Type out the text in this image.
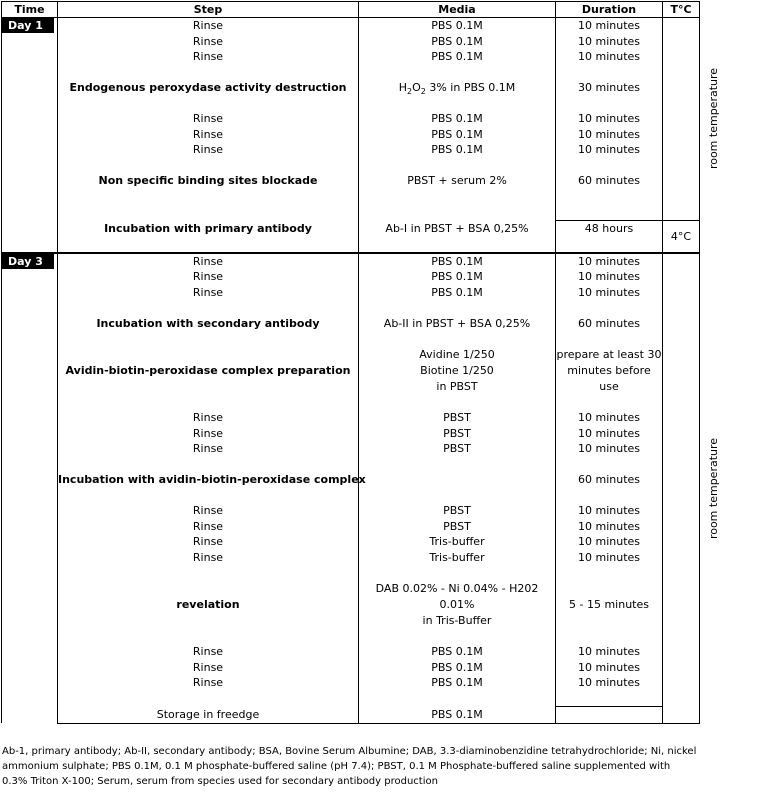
Time	Step	Media	Duration	T°C	

Day 1	Rinse	PBS 0.1M	10 minutes	room temperature	
	Rinse	PBS 0.1M	10 minutes		
	Rinse	PBS 0.1M	10 minutes		

	Endogenous peroxydase activity destruction	$H_2O_2$ 3% in PBS 0.1M	30 minutes		

	Rinse	PBS 0.1M	10 minutes		
	Rinse	PBS 0.1M	10 minutes		
	Rinse	PBS 0.1M	10 minutes		

	Non specific binding sites blockade	PBST + serum 2%	60 minutes		

	Incubation with primary antibody	Ab-I in PBST + BSA 0,25%	48 hours	4°C	

Day 3	Rinse	PBS 0.1M	10 minutes	room temperature	
	Rinse	PBS 0.1M	10 minutes		
	Rinse	PBS 0.1M	10 minutes		

	Incubation with secondary antibody	Ab-II in PBST + BSA 0,25%	60 minutes		

	Avidin-biotin-peroxidase complex preparation	Avidine 1/250
Biotine 1/250
in PBST	prepare at least 30 minutes before use		

	Rinse	PBST	10 minutes		
	Rinse	PBST	10 minutes		
	Rinse	PBST	10 minutes		

	Incubation with avidin-biotin-peroxidase complex		60 minutes		

	Rinse	PBST	10 minutes		
	Rinse	PBST	10 minutes		
	Rinse	Tris-buffer	10 minutes		
	Rinse	Tris-buffer	10 minutes		

	revelation	DAB 0.02% - Ni 0.04% - H202 0.01%
in Tris-Buffer	5 - 15 minutes		

	Rinse	PBS 0.1M	10 minutes		
	Rinse	PBS 0.1M	10 minutes		
	Rinse	PBS 0.1M	10 minutes		

	Storage in freedge	PBS 0.1M		
Ab-1, primary antibody; Ab-II, secondary antibody; BSA, Bovine Serum Albumine; DAB, 3.3-diaminobenzidine tetrahydrochloride; Ni, nickel ammonium sulphate; PBS 0.1M, 0.1 M phosphate-buffered saline (pH 7.4); PBST, 0.1 M Phosphate-buffered saline supplemented with 0.3% Triton X-100; Serum, serum from species used for secondary antibody production
